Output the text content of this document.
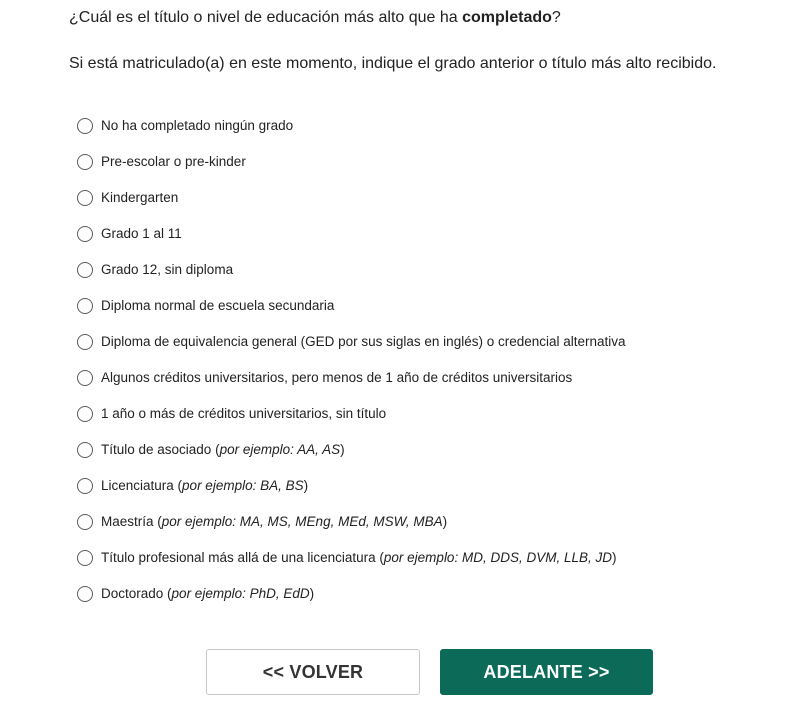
¿Cuál es el título o nivel de educación más alto que ha completado?

Si está matriculado(a) en este momento, indique el grado anterior o título más alto recibido.

No ha completado ningún grado
Pre-escolar o pre-kinder
Kindergarten
Grado 1 al 11
Grado 12, sin diploma
Diploma normal de escuela secundaria
Diploma de equivalencia general (GED por sus siglas en inglés) o credencial alternativa
Algunos créditos universitarios, pero menos de 1 año de créditos universitarios
1 año o más de créditos universitarios, sin título
Título de asociado (por ejemplo: AA, AS)
Licenciatura (por ejemplo: BA, BS)
Maestría (por ejemplo: MA, MS, MEng, MEd, MSW, MBA)
Título profesional más allá de una licenciatura (por ejemplo: MD, DDS, DVM, LLB, JD)
Doctorado (por ejemplo: PhD, EdD)
<< VOLVER	ADELANTE >>
